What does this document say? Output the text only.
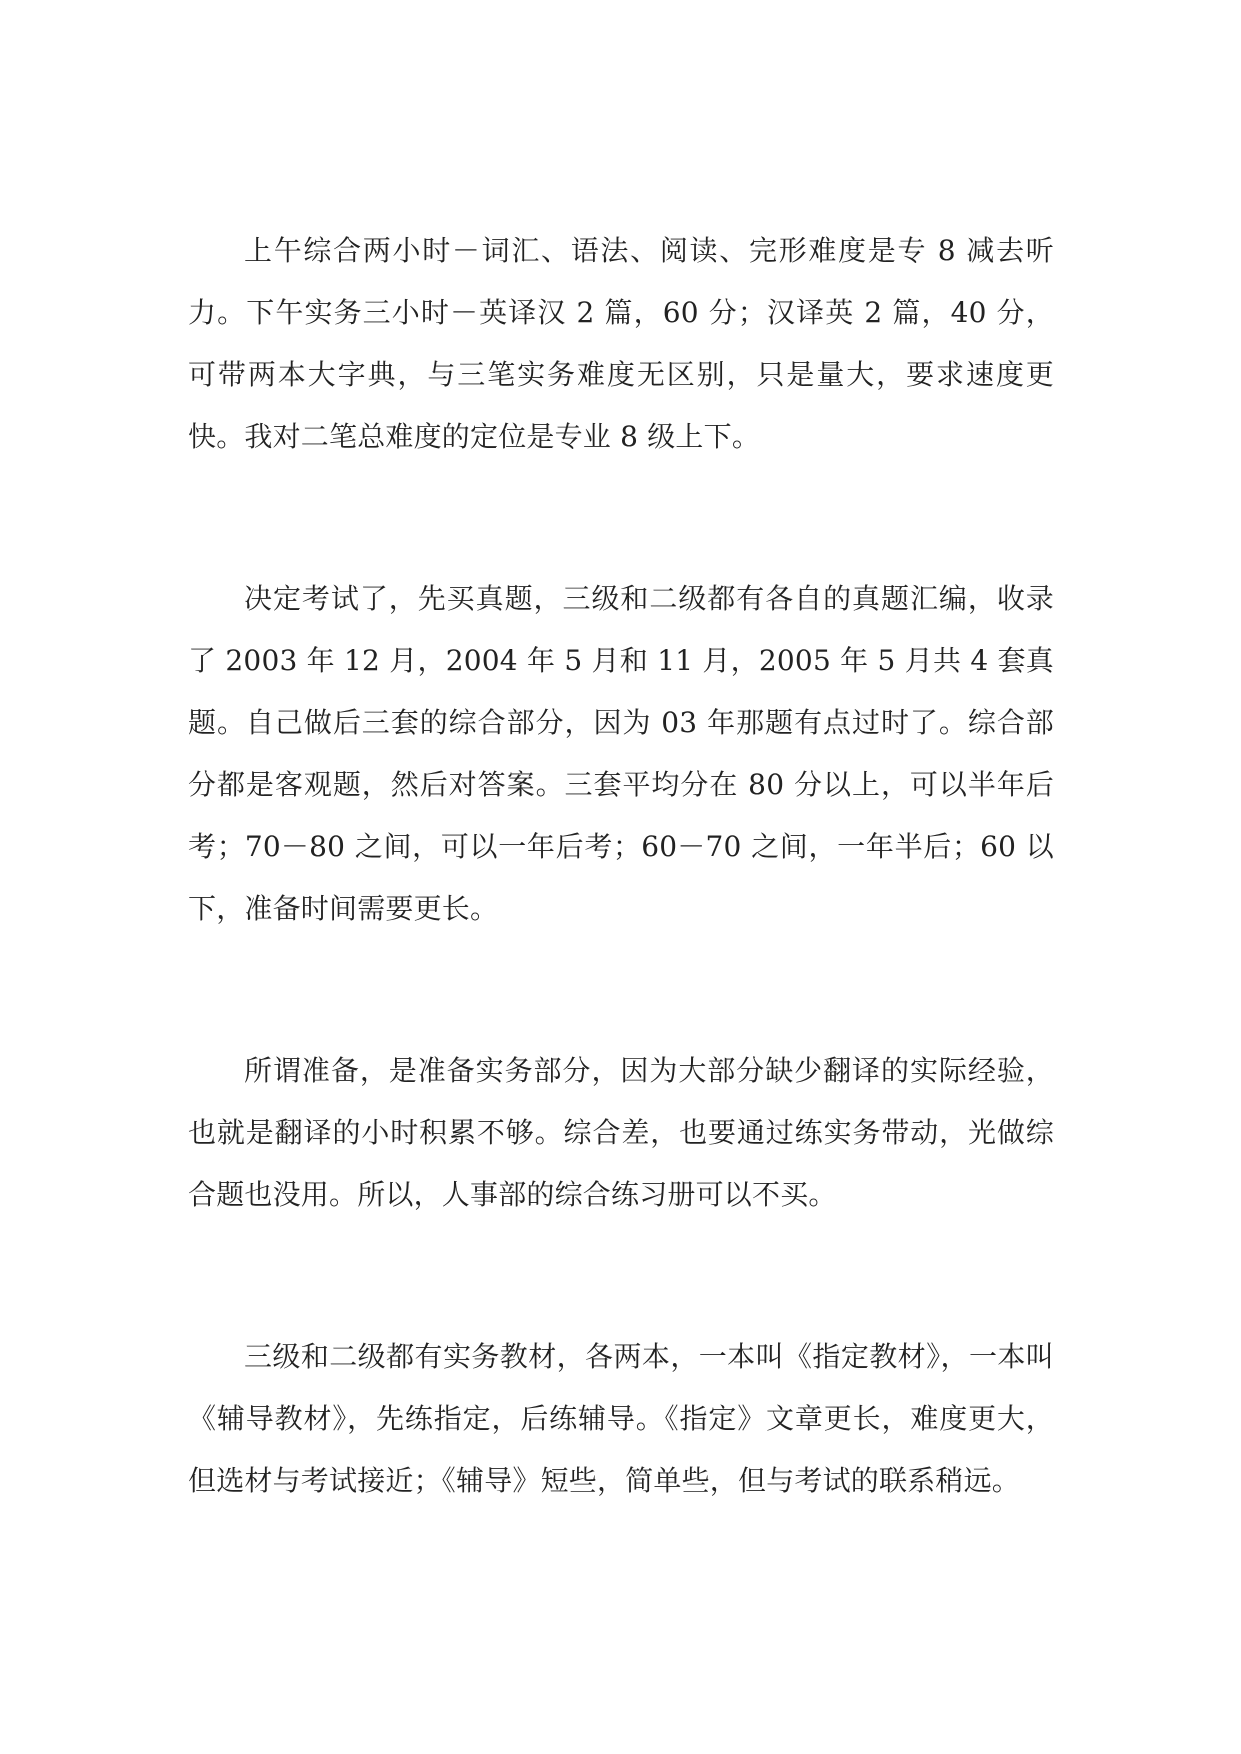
上午综合两小时－词汇、语法、阅读、完形难度是专 8 减去听力。下午实务三小时－英译汉 2 篇，60 分；汉译英 2 篇，40 分，可带两本大字典，与三笔实务难度无区别，只是量大，要求速度更快。我对二笔总难度的定位是专业 8 级上下。

决定考试了，先买真题，三级和二级都有各自的真题汇编，收录了 2003 年 12 月，2004 年 5 月和 11 月，2005 年 5 月共 4 套真题。自己做后三套的综合部分，因为 03 年那题有点过时了。综合部分都是客观题，然后对答案。三套平均分在 80 分以上，可以半年后考；70－80 之间，可以一年后考；60－70 之间，一年半后；60 以下，准备时间需要更长。

所谓准备，是准备实务部分，因为大部分缺少翻译的实际经验，也就是翻译的小时积累不够。综合差，也要通过练实务带动，光做综合题也没用。所以，人事部的综合练习册可以不买。

三级和二级都有实务教材，各两本，一本叫《指定教材》，一本叫《辅导教材》，先练指定，后练辅导。《指定》文章更长，难度更大，但选材与考试接近；《辅导》短些，简单些，但与考试的联系稍远。
